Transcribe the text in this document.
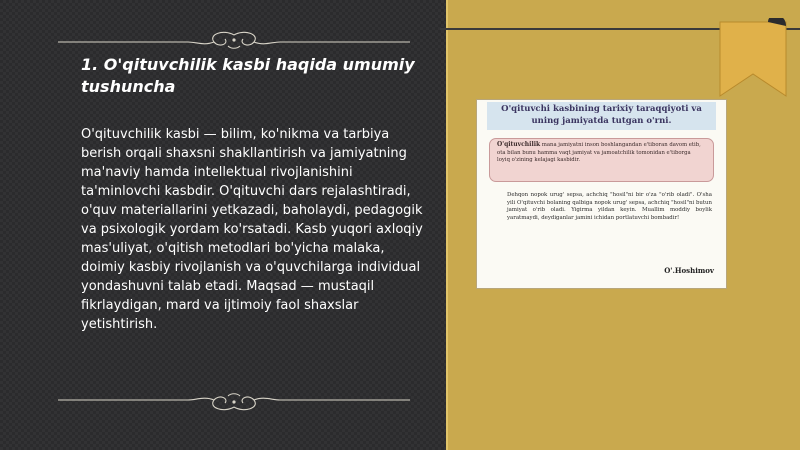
1. O'qituvchilik kasbi haqida umumiy tushuncha
O'qituvchilik kasbi — bilim, ko'nikma va tarbiya berish orqali shaxsni shakllantirish va jamiyatning ma'naviy hamda intellektual rivojlanishini ta'minlovchi kasbdir. O'qituvchi dars rejalashtiradi, o'quv materiallarini yetkazadi, baholaydi, pedagogik va psixologik yordam ko'rsatadi. Kasb yuqori axloqiy mas'uliyat, o'qitish metodlari bo'yicha malaka, doimiy kasbiy rivojlanish va o'quvchilarga individual yondashuvni talab etadi. Maqsad — mustaqil fikrlaydigan, mard va ijtimoiy faol shaxslar yetishtirish.
O'qituvchi kasbining tarixiy taraqqiyoti va uning jamiyatda tutgan o'rni.
O'qituvchilik mana jamiyatni inson boshlangandan e'tiboran davom etib, ota bilan bunu hamma vaqt jamiyat va jamoatchilik tomonidan e'tiborga loyiq o'zining kelajagi kasbidir.
Dehqon nopok urug' sepsa, achchiq "hosil"ni bir o'za "o'rib oladi". O'sha yili O'qituvchi bolaning qalbiga nopok urug' sepsa, achchiq "hosil"ni butun jamiyat o'rib oladi. Yigirma yildan keyin. Muallim moddiy boylik yaratmaydi, deydiganlar jamini ichidan portlatuvchi bombadir!
O'.Hoshimov
